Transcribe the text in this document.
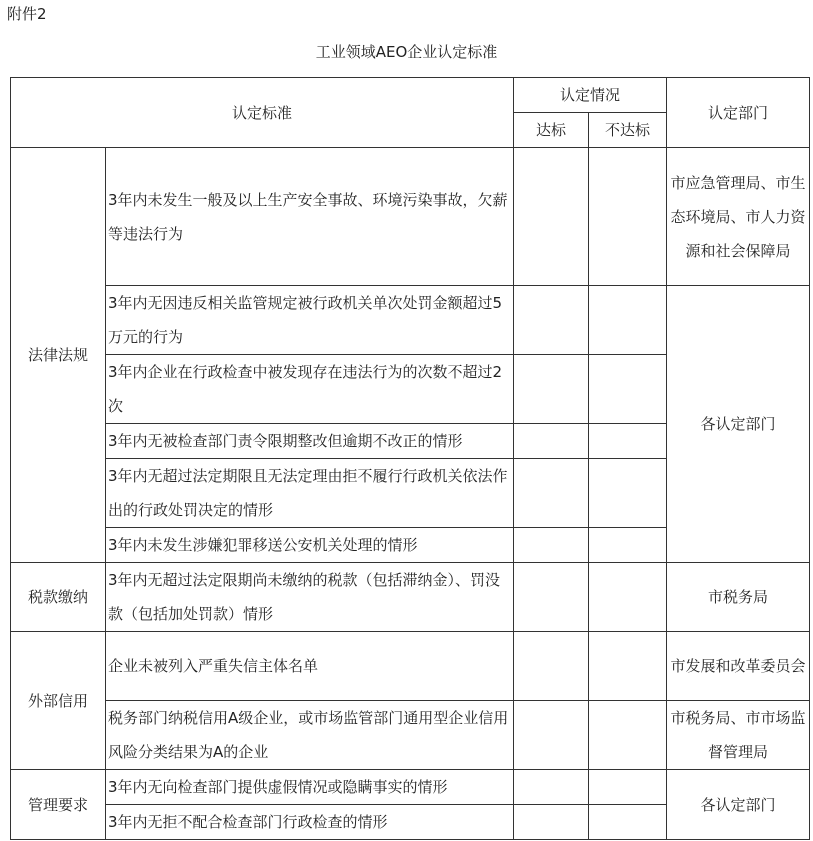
附件2
工业领域AEO企业认定标准
认定标准		认定情况		认定部门
		达标	不达标	
法律法规	3年内未发生一般及以上生产安全事故、环境污染事故，欠薪等违法行为			市应急管理局、市生态环境局、市人力资源和社会保障局
	3年内无因违反相关监管规定被行政机关单次处罚金额超过5万元的行为			各认定部门
	3年内企业在行政检查中被发现存在违法行为的次数不超过2次			
	3年内无被检查部门责令限期整改但逾期不改正的情形			
	3年内无超过法定期限且无法定理由拒不履行行政机关依法作出的行政处罚决定的情形			
	3年内未发生涉嫌犯罪移送公安机关处理的情形			
税款缴纳	3年内无超过法定限期尚未缴纳的税款（包括滞纳金）、罚没款（包括加处罚款）情形			市税务局
外部信用	企业未被列入严重失信主体名单			市发展和改革委员会
	税务部门纳税信用A级企业，或市场监管部门通用型企业信用风险分类结果为A的企业			市税务局、市市场监督管理局
管理要求	3年内无向检查部门提供虚假情况或隐瞒事实的情形			各认定部门
	3年内无拒不配合检查部门行政检查的情形			
